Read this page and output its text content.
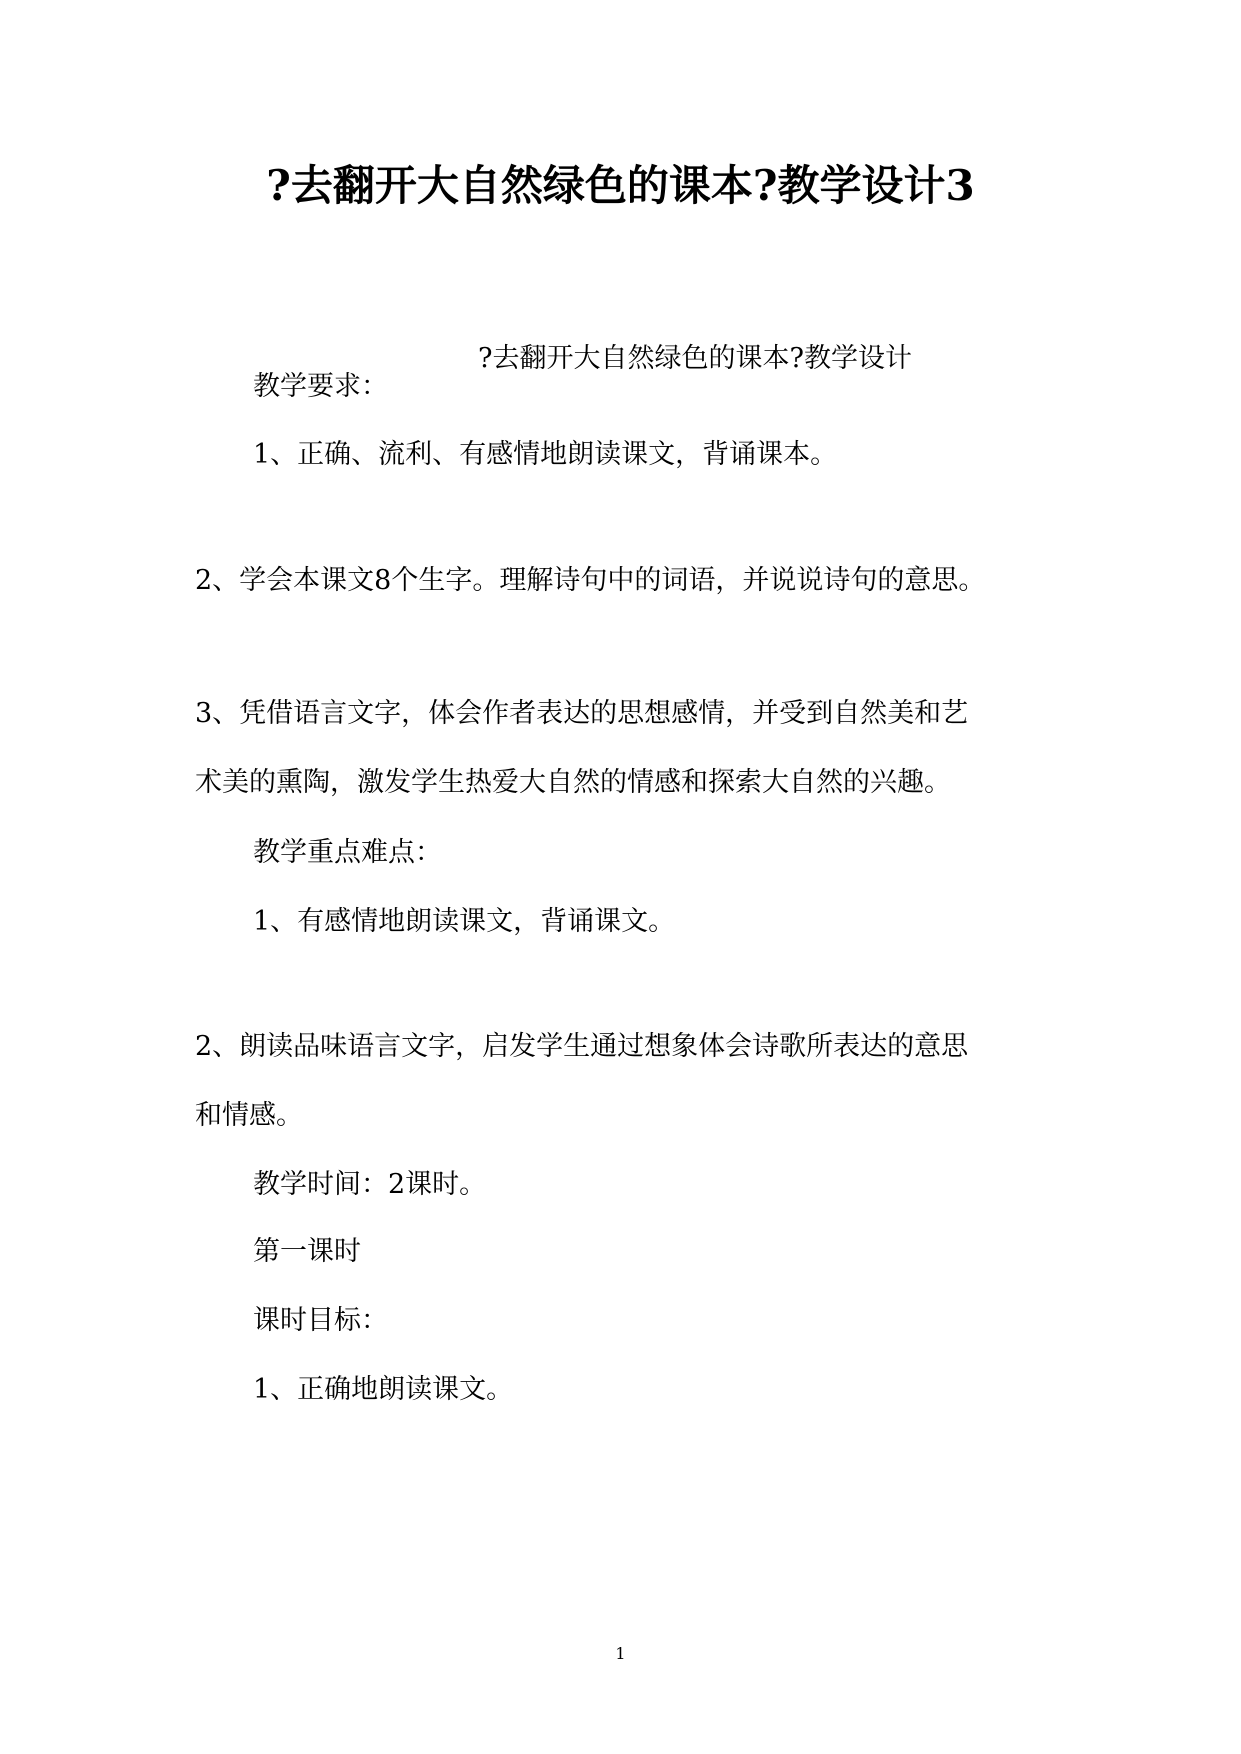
?去翻开大自然绿色的课本?教学设计3
?去翻开大自然绿色的课本?教学设计
教学要求：
1、正确、流利、有感情地朗读课文，背诵课本。
2、学会本课文8个生字。理解诗句中的词语，并说说诗句的意思。
3、凭借语言文字，体会作者表达的思想感情，并受到自然美和艺
术美的熏陶，激发学生热爱大自然的情感和探索大自然的兴趣。
教学重点难点：
1、有感情地朗读课文，背诵课文。
2、朗读品味语言文字，启发学生通过想象体会诗歌所表达的意思
和情感。
教学时间：2课时。
第一课时
课时目标：
1、正确地朗读课文。
1
